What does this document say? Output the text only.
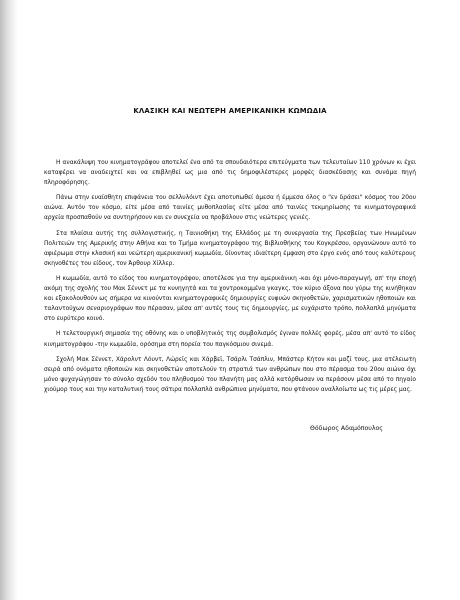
ΚΛΑΣΙΚΗ ΚΑΙ ΝΕΩΤΕΡΗ ΑΜΕΡΙΚΑΝΙΚΗ ΚΩΜΩΔΙΑ

Η ανακάλυψη του κινηματογράφου αποτελεί ένα από τα σπουδαιότερα επιτεύγματα των τελευταίων 110 χρόνων κι έχει καταφέρει να αναδειχτεί και να επιβληθεί ως μια από τις δημοφιλέστερες μορφές διασκέδασης και συνάμα πηγή πληροφόρησης.

Πάνω στην ευαίσθητη επιφάνεια του σελλυλόιντ έχει αποτυπωθεί άμεσα ή έμμεσα όλος ο "εν δράσει" κόσμος του 20ου αιώνα. Αυτόν τον κόσμο, είτε μέσα από ταινίες μυθοπλασίας είτε μέσα από ταινίες τεκμηρίωσης τα κινηματογραφικά αρχεία προσπαθούν να συντηρήσουν και εν συνεχεία να προβάλουν στις νεώτερες γενιές.

Στα πλαίσια αυτής της συλλογιστικής, η Ταινιοθήκη της Ελλάδος με τη συνεργασία της Πρεσβείας των Ηνωμένων Πολιτειών της Αμερικής στην Αθήνα και το Τμήμα κινηματογράφου της Βιβλιοθήκης του Κογκρέσου, οργανώνουν αυτό το αφιέρωμα στην κλασική και νεώτερη αμερικανική κωμωδία, δίνοντας ιδιαίτερη έμφαση στο έργο ενός από τους καλύτερους σκηνοθέτες του είδους, τον Άρθουρ Χίλλερ.

Η κωμωδία, αυτό το είδος του κινηματογράφου, αποτέλεσε για την αμερικάνικη -και όχι μόνο-παραγωγή, απ' την εποχή ακόμη της σχολής του Μακ Σέννετ με τα κυνηγητά και τα χοντροκομμένα γκαγκς, τον κύριο άξονα που γύρω της κινήθηκαν και εξακολουθούν ως σήμερα να κινούνται κινηματογραφικές δημιουργίες ευφυών σκηνοθετών, χαρισματικών ηθοποιών και ταλαντούχων σεναριογράφων που πέρασαν, μέσα απ' αυτές τους τις δημιουργίες, με ευχάριστο τρόπο, πολλαπλά μηνύματα στο ευρύτερο κοινό.

Η τελετουργική σημασία της οθόνης και ο υποβλητικός της συμβολισμός έγιναν πολλές φορές, μέσα απ' αυτό το είδος κινηματογράφου -την κωμωδία, ορόσημα στη πορεία του παγκόσμιου σινεμά.

Σχολή Μακ Σέννετ, Χάρολντ Λόυντ, Λώρεϊς και Χάρβεϊ, Τσάρλι Τσάπλιν, Μπάστερ Κήτον και μαζί τους, μια ατέλειωτη σειρά από ονόματα ηθοποιών και σκηνοθετών αποτελούν τη στρατιά των ανθρώπων που στο πέρασμα του 20ου αιώνα όχι μόνο ψυχαγώγησαν το σύνολο σχεδόν του πληθυσμού του πλανήτη μας αλλά κατόρθωσαν να περάσουν μέσα από το πηγαίο χιούμορ τους και την καταλυτική τους σάτιρα πολλαπλά ανθρώπινα μηνύματα, που φτάνουν αναλλοίωτα ως τις μέρες μας.

Θόδωρος Αδαμόπουλος
